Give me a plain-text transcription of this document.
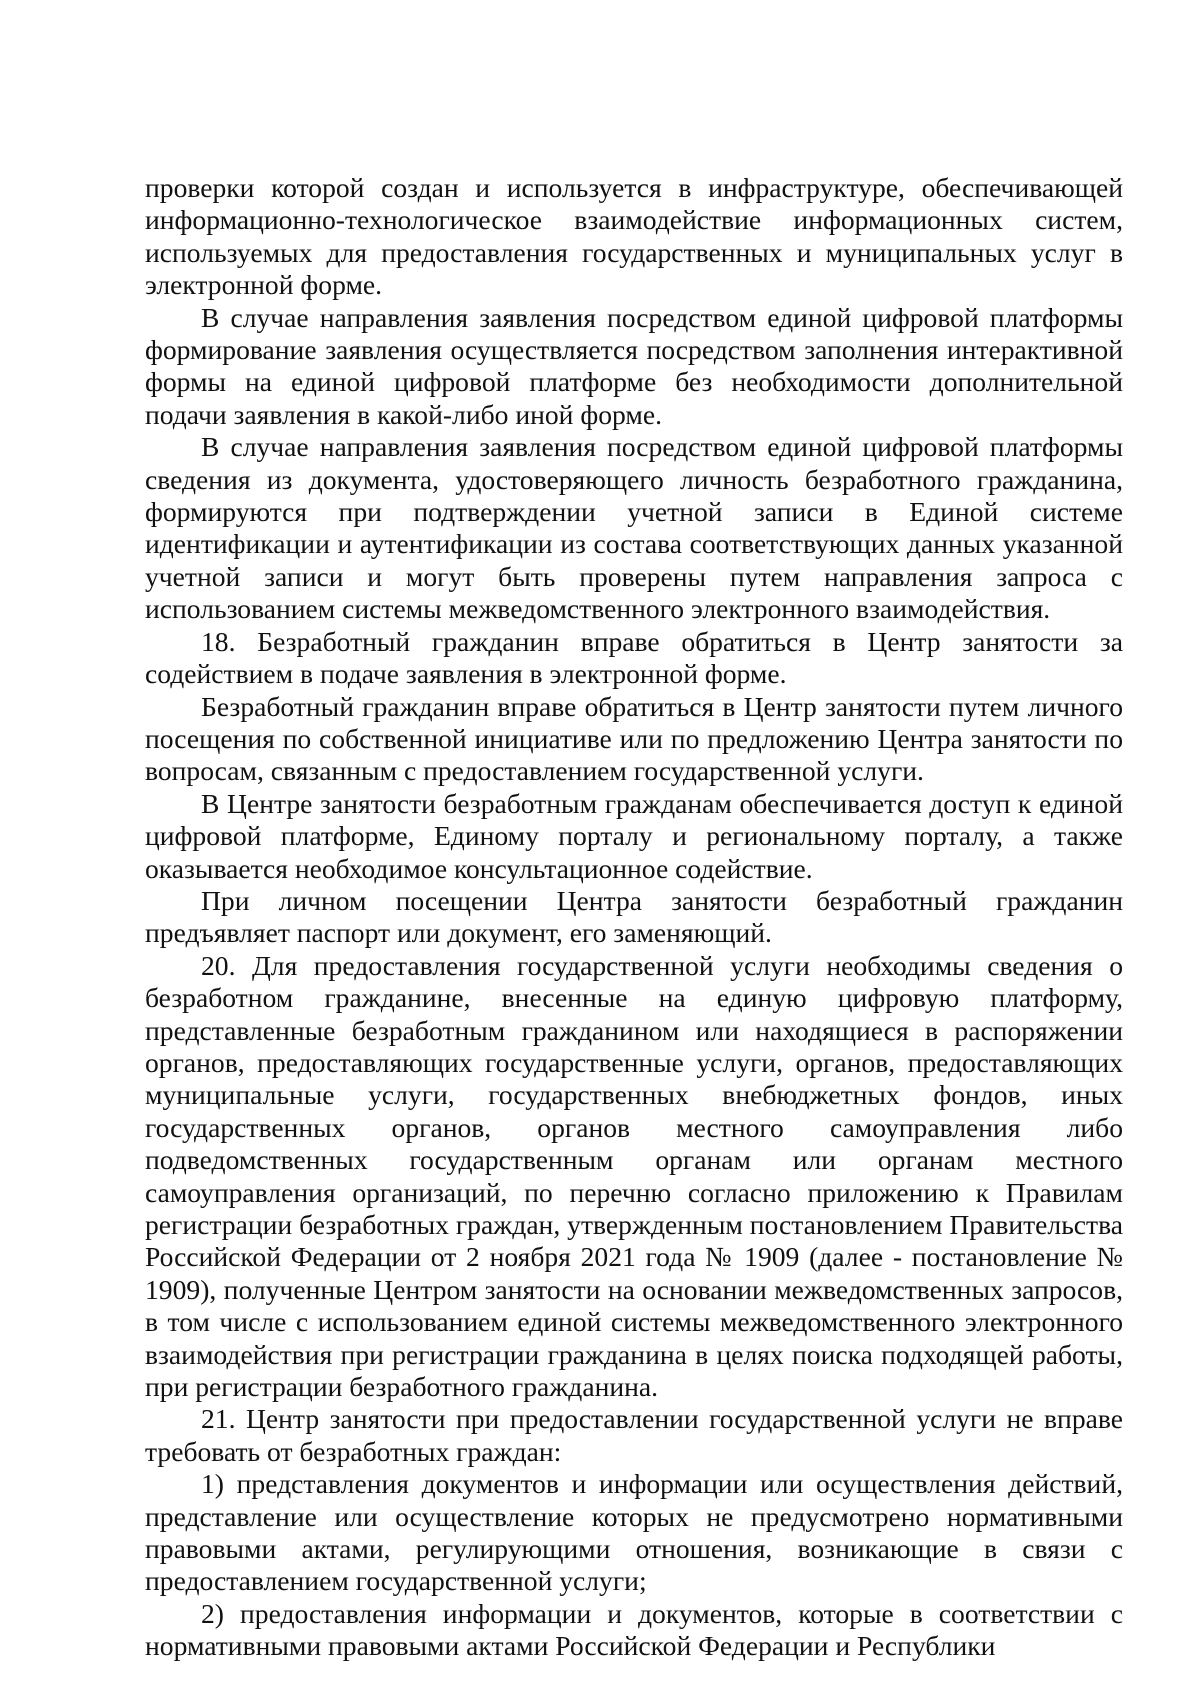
проверки которой создан и используется в инфраструктуре, обеспечивающей информационно-технологическое взаимодействие информационных систем, используемых для предоставления государственных и муниципальных услуг в электронной форме.

В случае направления заявления посредством единой цифровой платформы формирование заявления осуществляется посредством заполнения интерактивной формы на единой цифровой платформе без необходимости дополнительной подачи заявления в какой-либо иной форме.

В случае направления заявления посредством единой цифровой платформы сведения из документа, удостоверяющего личность безработного гражданина, формируются при подтверждении учетной записи в Единой системе идентификации и аутентификации из состава соответствующих данных указанной учетной записи и могут быть проверены путем направления запроса с использованием системы межведомственного электронного взаимодействия.

18. Безработный гражданин вправе обратиться в Центр занятости за содействием в подаче заявления в электронной форме.

Безработный гражданин вправе обратиться в Центр занятости путем личного посещения по собственной инициативе или по предложению Центра занятости по вопросам, связанным с предоставлением государственной услуги.

В Центре занятости безработным гражданам обеспечивается доступ к единой цифровой платформе, Единому порталу и региональному порталу, а также оказывается необходимое консультационное содействие.

При личном посещении Центра занятости безработный гражданин предъявляет паспорт или документ, его заменяющий.

20. Для предоставления государственной услуги необходимы сведения о безработном гражданине, внесенные на единую цифровую платформу, представленные безработным гражданином или находящиеся в распоряжении органов, предоставляющих государственные услуги, органов, предоставляющих муниципальные услуги, государственных внебюджетных фондов, иных государственных органов, органов местного самоуправления либо подведомственных государственным органам или органам местного самоуправления организаций, по перечню согласно приложению к Правилам регистрации безработных граждан, утвержденным постановлением Правительства Российской Федерации от 2 ноября 2021 года № 1909 (далее - постановление № 1909), полученные Центром занятости на основании межведомственных запросов, в том числе с использованием единой системы межведомственного электронного взаимодействия при регистрации гражданина в целях поиска подходящей работы, при регистрации безработного гражданина.

21. Центр занятости при предоставлении государственной услуги не вправе требовать от безработных граждан:

1) представления документов и информации или осуществления действий, представление или осуществление которых не предусмотрено нормативными правовыми актами, регулирующими отношения, возникающие в связи с предоставлением государственной услуги;

2) предоставления информации и документов, которые в соответствии с нормативными правовыми актами Российской Федерации и Республики
